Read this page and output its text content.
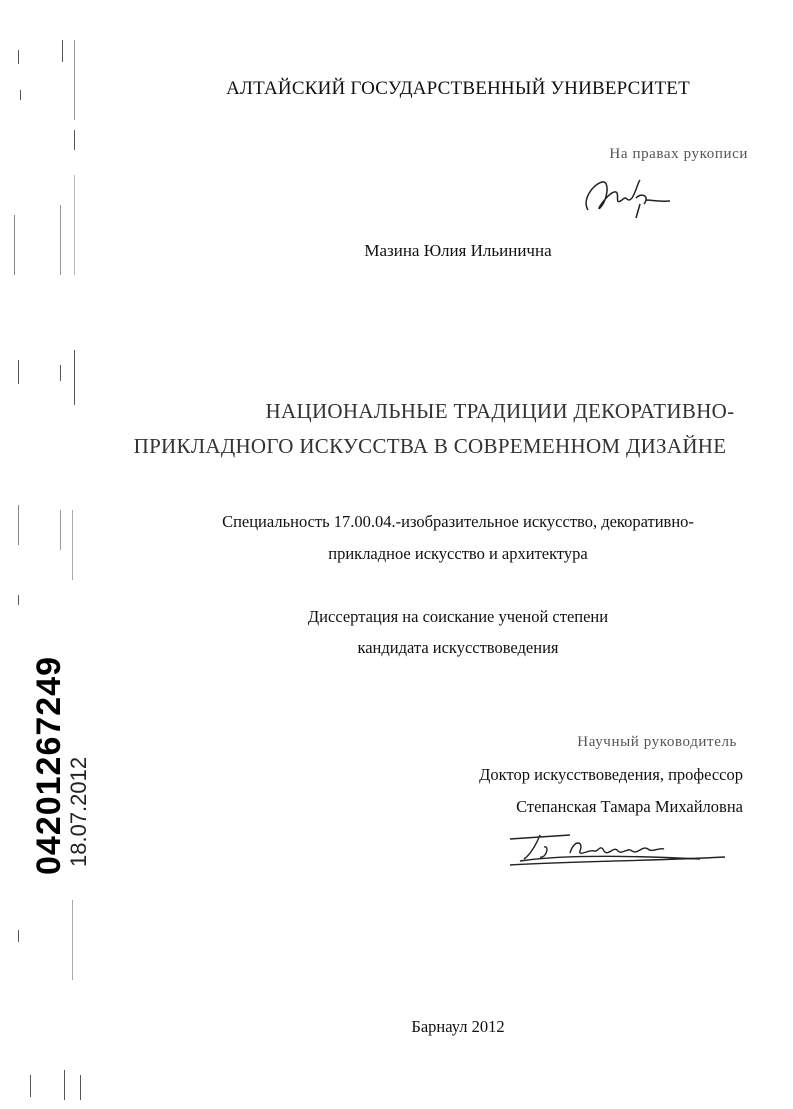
АЛТАЙСКИЙ ГОСУДАРСТВЕННЫЙ УНИВЕРСИТЕТ
На правах рукописи
Мазина Юлия Ильинична
НАЦИОНАЛЬНЫЕ ТРАДИЦИИ ДЕКОРАТИВНО-
ПРИКЛАДНОГО ИСКУССТВА В СОВРЕМЕННОМ ДИЗАЙНЕ
Специальность 17.00.04.-изобразительное искусство, декоративно-
прикладное искусство и архитектура
Диссертация на соискание ученой степени
кандидата искусствоведения
Научный руководитель
Доктор искусствоведения, профессор
Степанская Тамара Михайловна
Барнаул 2012
04201267249
18.07.2012
